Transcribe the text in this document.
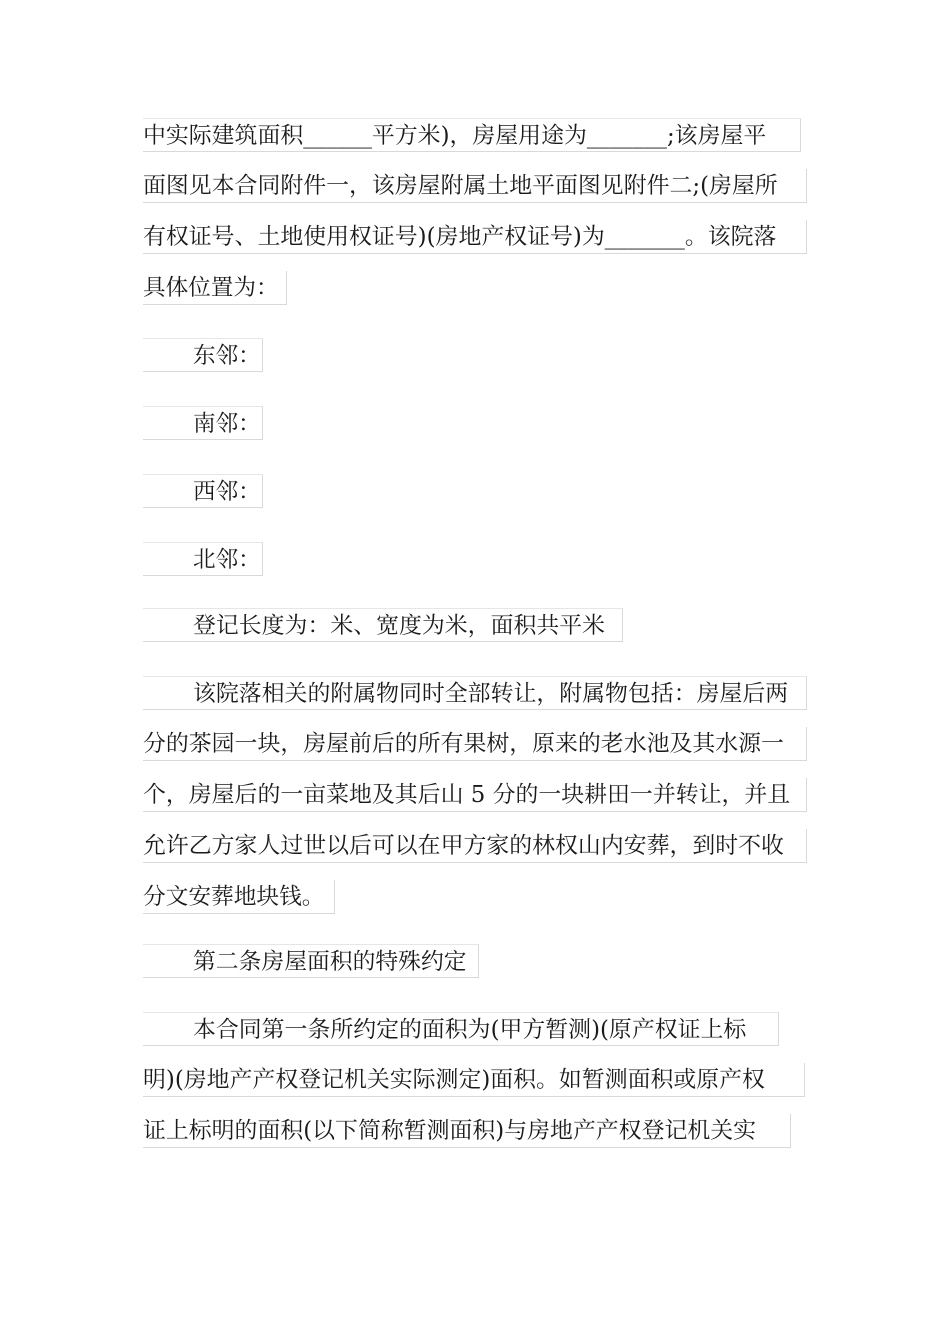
中实际建筑面积______平方米)，房屋用途为_______;该房屋平
面图见本合同附件一，该房屋附属土地平面图见附件二;(房屋所
有权证号、土地使用权证号)(房地产权证号)为_______。该院落
具体位置为：
东邻：
南邻：
西邻：
北邻：
登记长度为：米、宽度为米，面积共平米
该院落相关的附属物同时全部转让，附属物包括：房屋后两
分的茶园一块，房屋前后的所有果树，原来的老水池及其水源一
个，房屋后的一亩菜地及其后山 5 分的一块耕田一并转让，并且
允许乙方家人过世以后可以在甲方家的林权山内安葬，到时不收
分文安葬地块钱。
第二条房屋面积的特殊约定
本合同第一条所约定的面积为(甲方暂测)(原产权证上标
明)(房地产产权登记机关实际测定)面积。如暂测面积或原产权
证上标明的面积(以下简称暂测面积)与房地产产权登记机关实
